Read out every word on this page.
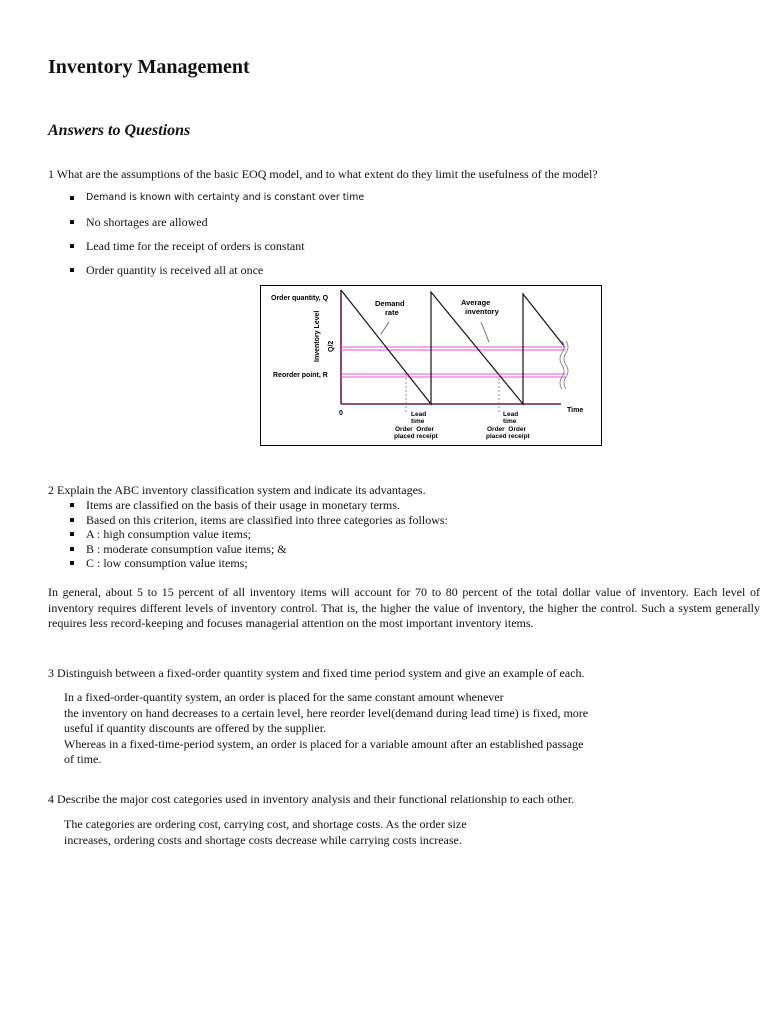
Inventory Management
Answers to Questions
1 What are the assumptions of the basic EOQ model, and to what extent do they limit the usefulness of the model?
Demand is known with certainty and is constant over time
No shortages are allowed
Lead time for the receipt of orders is constant
Order quantity is received all at once
Order quantity, Q
Inventory Level Q/2
Reorder point, R
Demand
rate
Average
inventory
0	Time
Lead
time
Order  Order
placed receipt
Lead
time
Order  Order
placed receipt
2 Explain the ABC inventory classification system and indicate its advantages.
Items are classified on the basis of their usage in monetary terms.
Based on this criterion, items are classified into three categories as follows:
A : high consumption value items;
B : moderate consumption value items; &
C : low consumption value items;

In general, about 5 to 15 percent of all inventory items will account for 70 to 80 percent of the total dollar value of inventory. Each level of inventory requires different levels of inventory control. That is, the higher the value of inventory, the higher the control. Such a system generally requires less record-keeping and focuses managerial attention on the most important inventory items.

3 Distinguish between a fixed-order quantity system and fixed time period system and give an example of each.

In a fixed-order-quantity system, an order is placed for the same constant amount whenever
the inventory on hand decreases to a certain level, here reorder level(demand during lead time) is fixed, more
useful if quantity discounts are offered by the supplier.
Whereas in a fixed-time-period system, an order is placed for a variable amount after an established passage
of time.

4 Describe the major cost categories used in inventory analysis and their functional relationship to each other.

The categories are ordering cost, carrying cost, and shortage costs. As the order size
increases, ordering costs and shortage costs decrease while carrying costs increase.
